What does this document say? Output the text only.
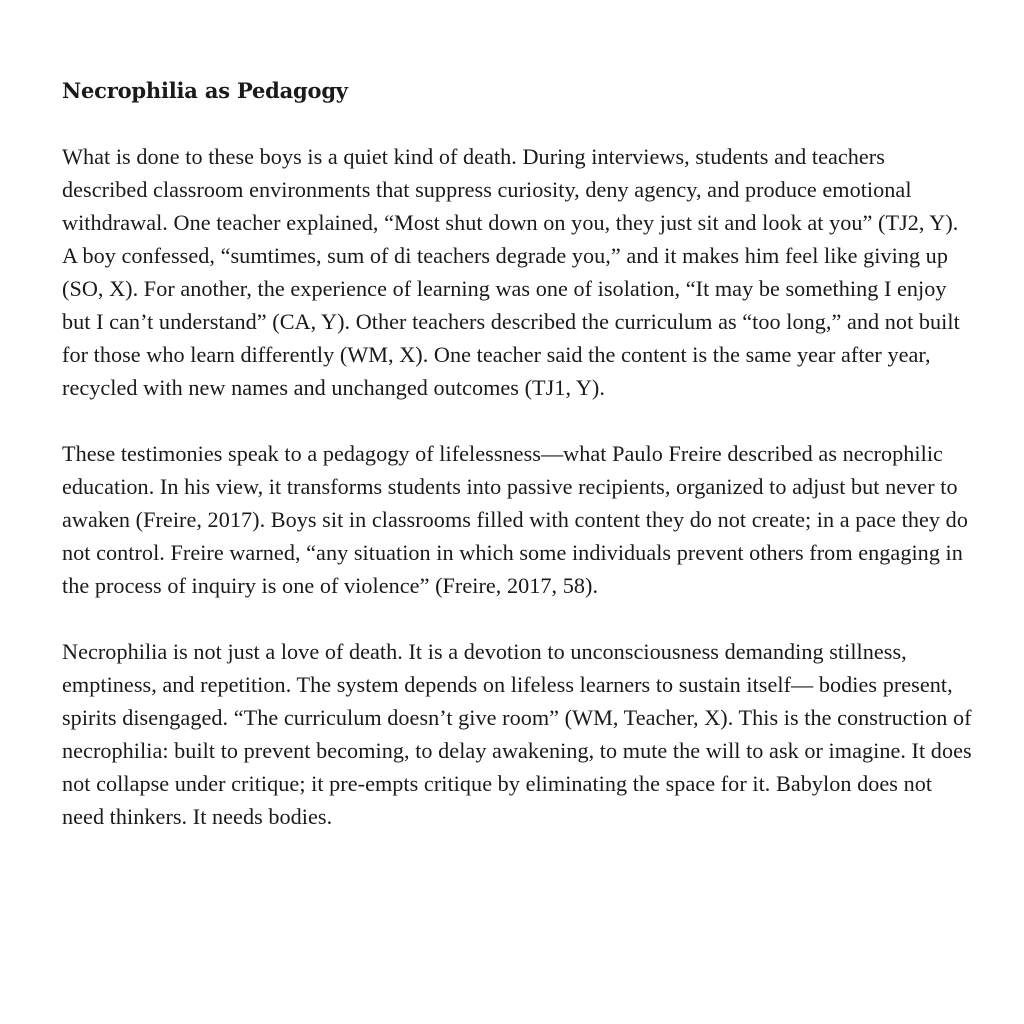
Necrophilia as Pedagogy

What is done to these boys is a quiet kind of death. During interviews, students and teachers described classroom environments that suppress curiosity, deny agency, and produce emotional withdrawal. One teacher explained, “Most shut down on you, they just sit and look at you” (TJ2, Y). A boy confessed, “sumtimes, sum of di teachers degrade you,” and it makes him feel like giving up (SO, X). For another, the experience of learning was one of isolation, “It may be something I enjoy but I can’t understand” (CA, Y). Other teachers described the curriculum as “too long,” and not built for those who learn differently (WM, X). One teacher said the content is the same year after year, recycled with new names and unchanged outcomes (TJ1, Y).

These testimonies speak to a pedagogy of lifelessness—what Paulo Freire described as necrophilic education. In his view, it transforms students into passive recipients, organized to adjust but never to awaken (Freire, 2017). Boys sit in classrooms filled with content they do not create; in a pace they do not control. Freire warned, “any situation in which some individuals prevent others from engaging in the process of inquiry is one of violence” (Freire, 2017, 58).

Necrophilia is not just a love of death. It is a devotion to unconsciousness demanding stillness, emptiness, and repetition. The system depends on lifeless learners to sustain itself— bodies present, spirits disengaged. “The curriculum doesn’t give room” (WM, Teacher, X). This is the construction of necrophilia: built to prevent becoming, to delay awakening, to mute the will to ask or imagine. It does not collapse under critique; it pre-empts critique by eliminating the space for it. Babylon does not need thinkers. It needs bodies.
